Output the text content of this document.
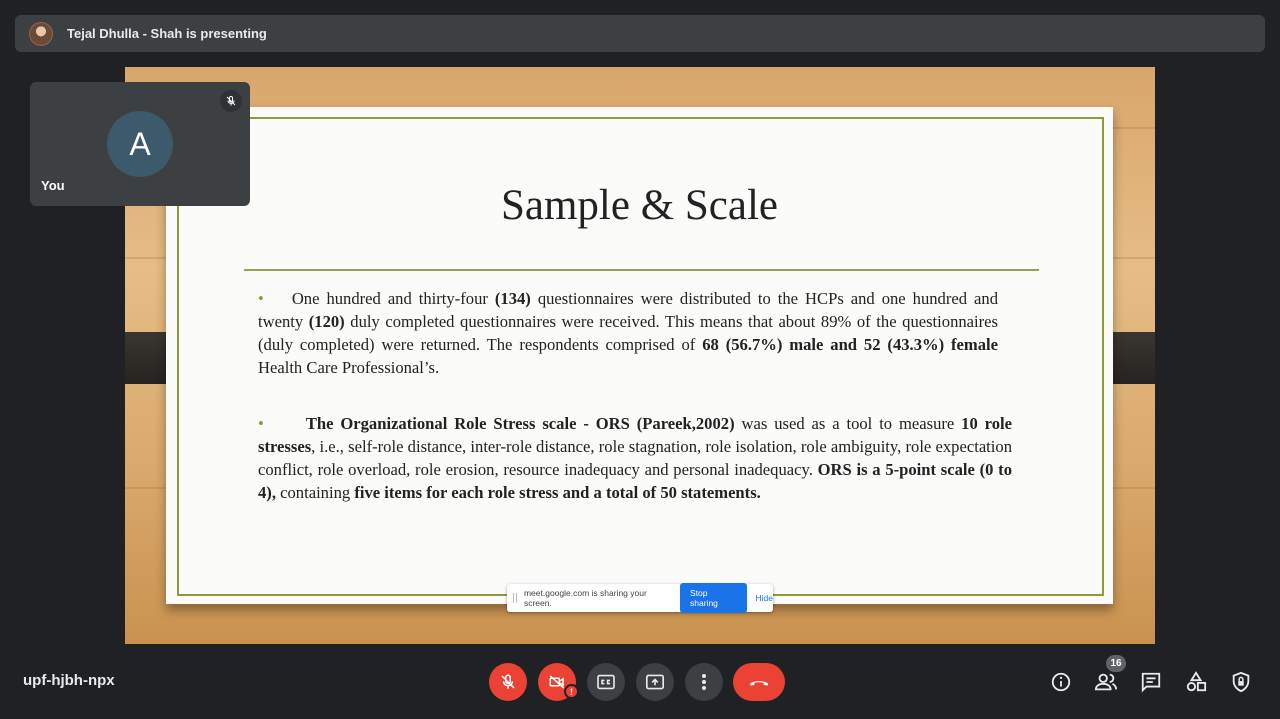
Tejal Dhulla - Shah is presenting
Sample & Scale

• One hundred and thirty-four (134) questionnaires were distributed to the HCPs and one hundred and twenty (120) duly completed questionnaires were received. This means that about 89% of the questionnaires (duly completed) were returned. The respondents comprised of 68 (56.7%) male and 52 (43.3%) female Health Care Professional’s.

•	The Organizational Role Stress scale - ORS (Pareek,2002) was used as a tool to measure 10 role stresses, i.e., self-role distance, inter-role distance, role stagnation, role isolation, role ambiguity, role expectation conflict, role overload, role erosion, resource inadequacy and personal inadequacy. ORS is a 5-point scale (0 to 4), containing five items for each role stress and a total of 50 statements.

meet.google.com is sharing your screen.
Stop sharing	Hide
A
You
upf-hjbh-npx
!
16
